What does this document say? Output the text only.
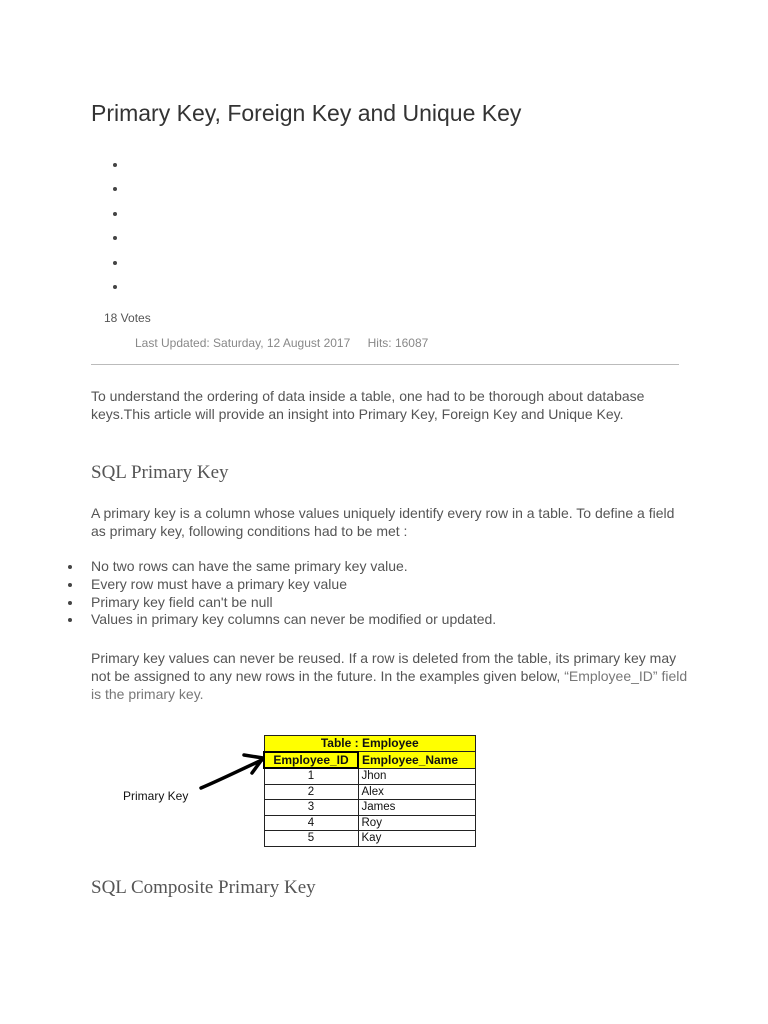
Primary Key, Foreign Key and Unique Key
18 Votes
Last Updated: Saturday, 12 August 2017 Hits: 16087

To understand the ordering of data inside a table, one had to be thorough about database keys.This article will provide an insight into Primary Key, Foreign Key and Unique Key.

SQL Primary Key

A primary key is a column whose values uniquely identify every row in a table. To define a field as primary key, following conditions had to be met :

No two rows can have the same primary key value.
Every row must have a primary key value
Primary key field can't be null
Values in primary key columns can never be modified or updated.

Primary key values can never be reused. If a row is deleted from the table, its primary key may not be assigned to any new rows in the future. In the examples given below, “Employee_ID” field is the primary key.

Primary Key
Table : Employee	
Employee_ID	Employee_Name
1	Jhon
2	Alex
3	James
4	Roy
5	Kay
SQL Composite Primary Key
